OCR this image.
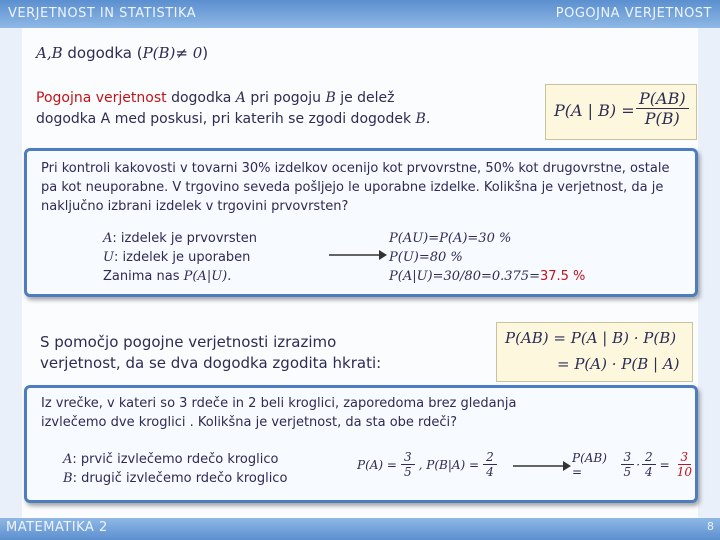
VERJETNOST IN STATISTIKA	POGOJNA VERJETNOST
MATEMATIKA 2	8
A,B dogodka (P(B)≠ 0)
Pogojna verjetnost dogodka A pri pogoju B je delež
dogodka A med poskusi, pri katerih se zgodi dogodek B.	P(A | $B) = \frac{P(AB)}{P(B)}$
Pri kontroli kakovosti v tovarni 30% izdelkov ocenijo kot prvovrstne, 50% kot drugovrstne, ostale
pa kot neuporabne. V trgovino seveda pošljejo le uporabne izdelke. Kolikšna je verjetnost, da je
naključno izbrani izdelek v trgovini prvovrsten?
A: izdelek je prvovrsten
U: izdelek je uporaben
Zanima nas P(A|U).
P(AU)=P(A)=30 %
P(U)=80 %
P(A|U)=30/80=0.375=37.5 %
S pomočjo pogojne verjetnosti izrazimo
verjetnost, da se dva dogodka zgodita hkrati:
P(AB) = P(A | B) · P(B)
= P(A) · P(B | A)
Iz vrečke, v kateri so 3 rdeče in 2 beli kroglici, zaporedoma brez gledanja
izvlečemo dve kroglici . Kolikšna je verjetnost, da sta obe rdeči?
A: prvič izvlečemo rdečo kroglico
B: drugič izvlečemo rdečo kroglico
$P(A) = \frac{3}{5}$ , $P(B|A) = \frac{2}{4}$	P(AB) =	$\frac{3}{5} \cdot \frac{2}{4} = \frac{3}{10}$
